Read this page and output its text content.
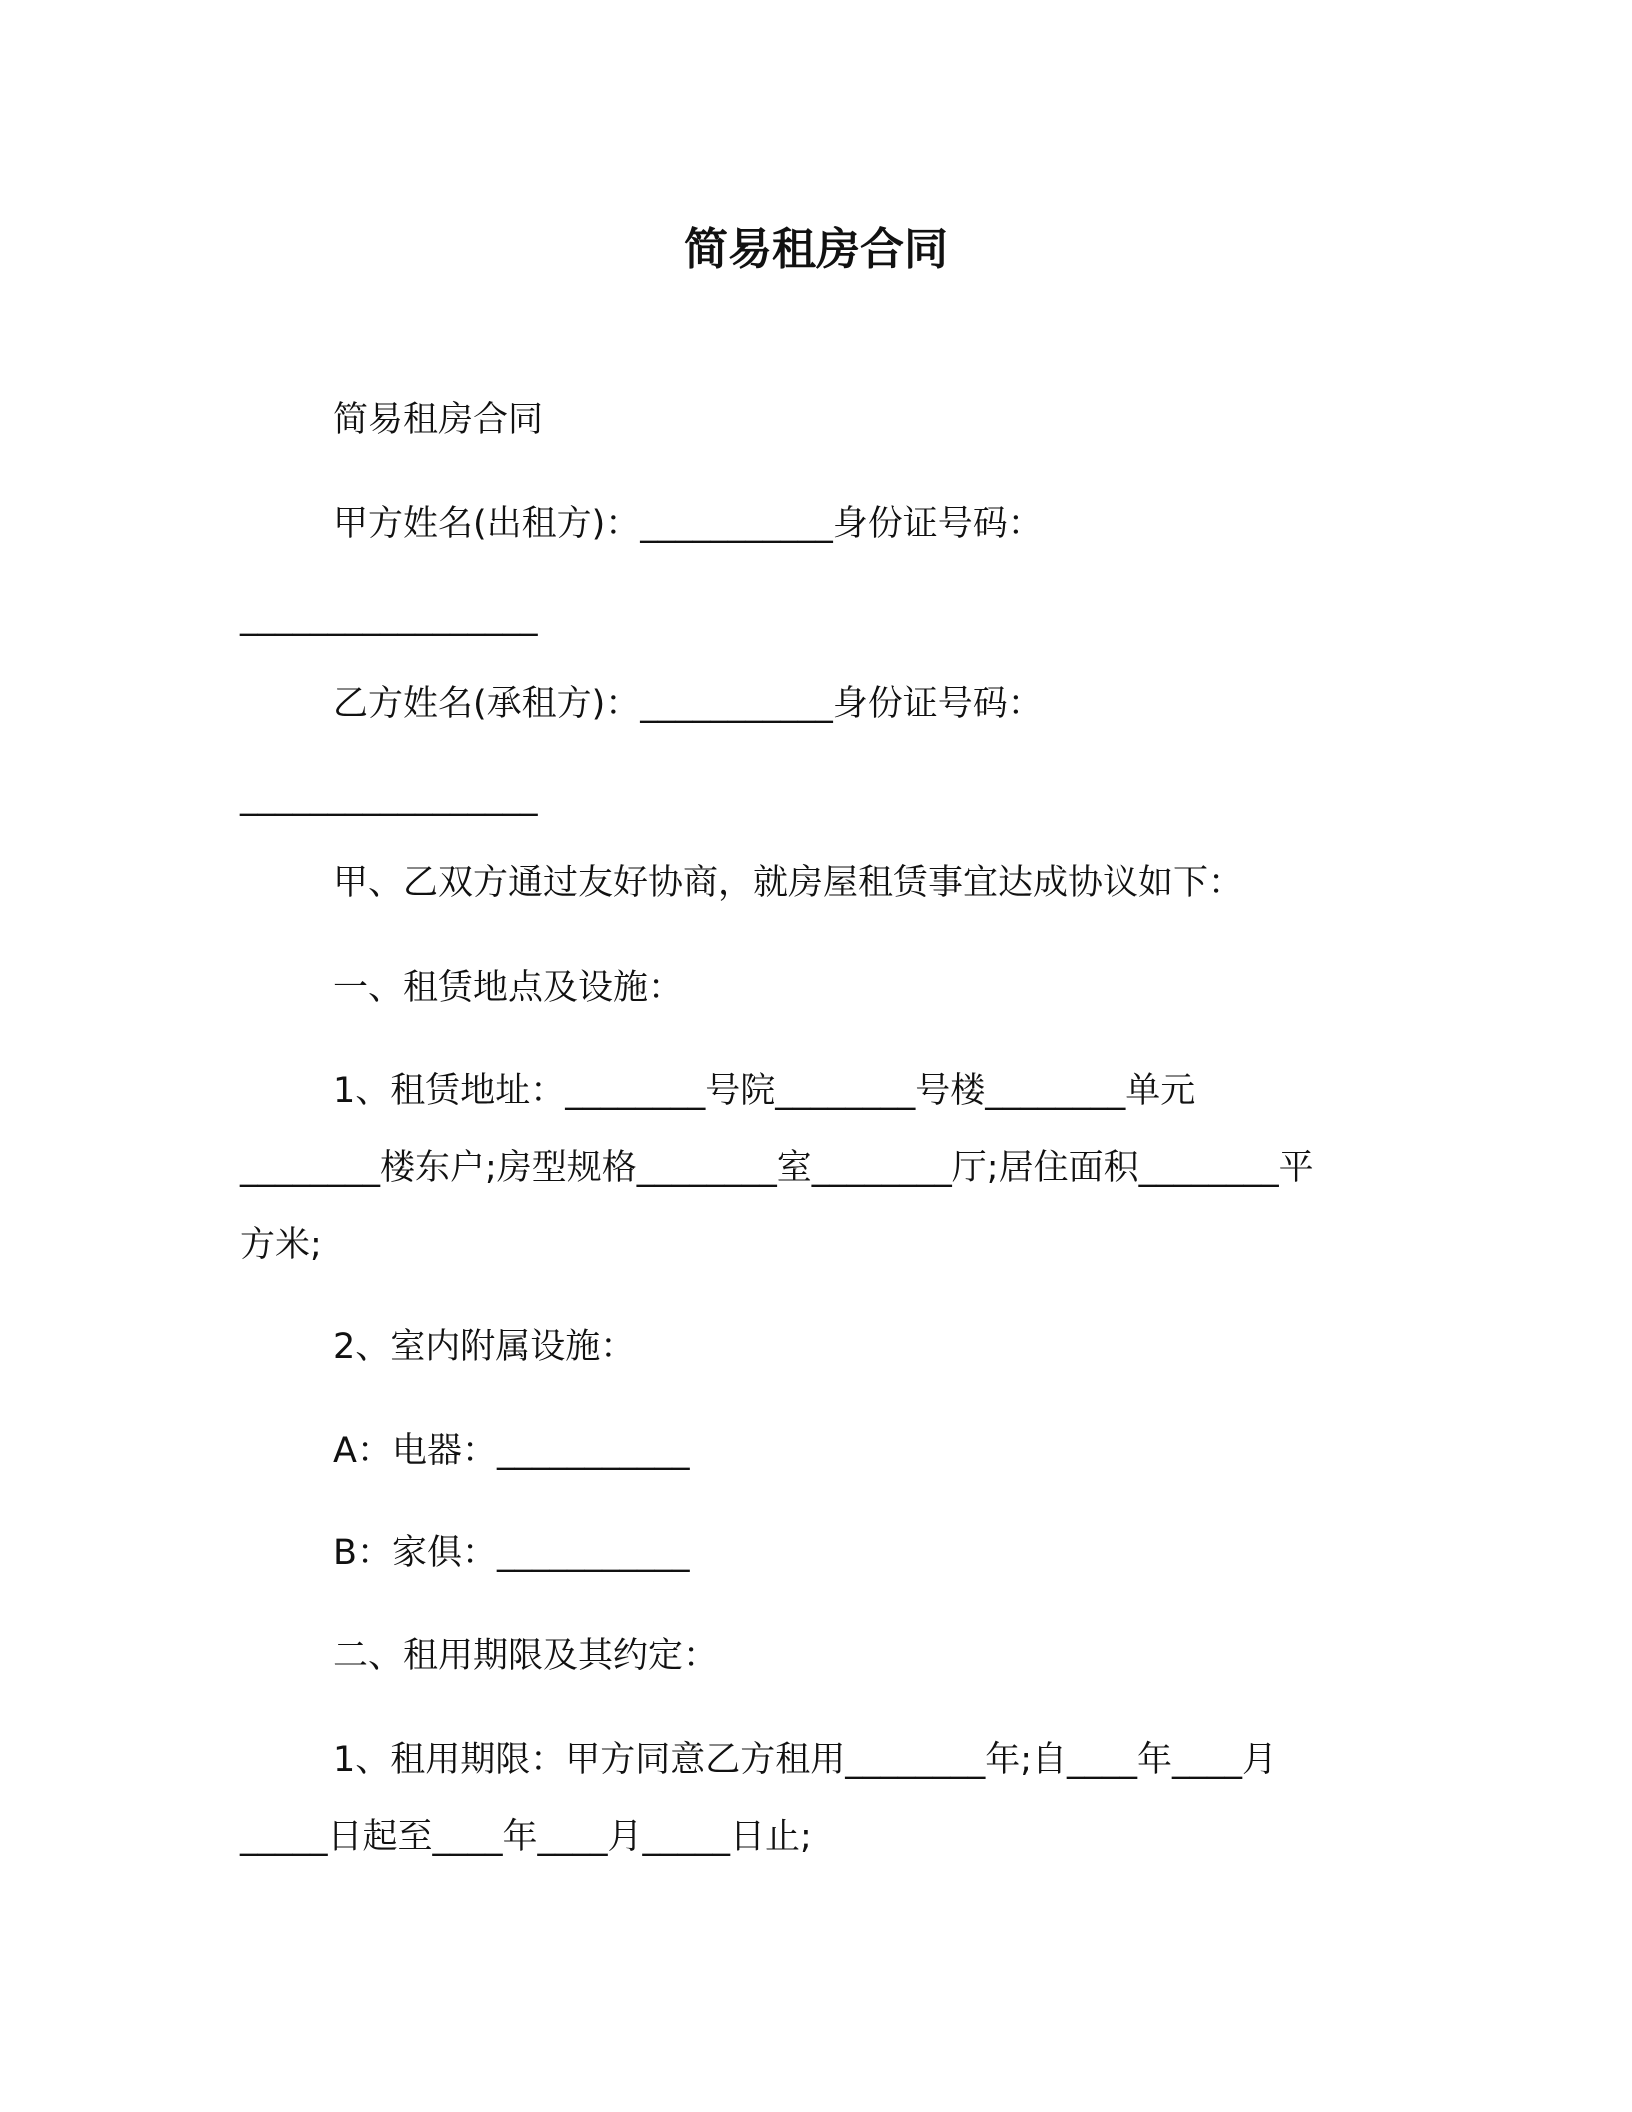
简易租房合同
简易租房合同
甲方姓名(出租方)：___________身份证号码：
_________________
乙方姓名(承租方)：___________身份证号码：
_________________
甲、乙双方通过友好协商，就房屋租赁事宜达成协议如下：
一、租赁地点及设施：
1、租赁地址：________号院________号楼________单元
________楼东户;房型规格________室________厅;居住面积________平
方米;
2、室内附属设施：
A：电器：___________
B：家俱：___________
二、租用期限及其约定：
1、租用期限：甲方同意乙方租用________年;自____年____月
_____日起至____年____月_____日止;
